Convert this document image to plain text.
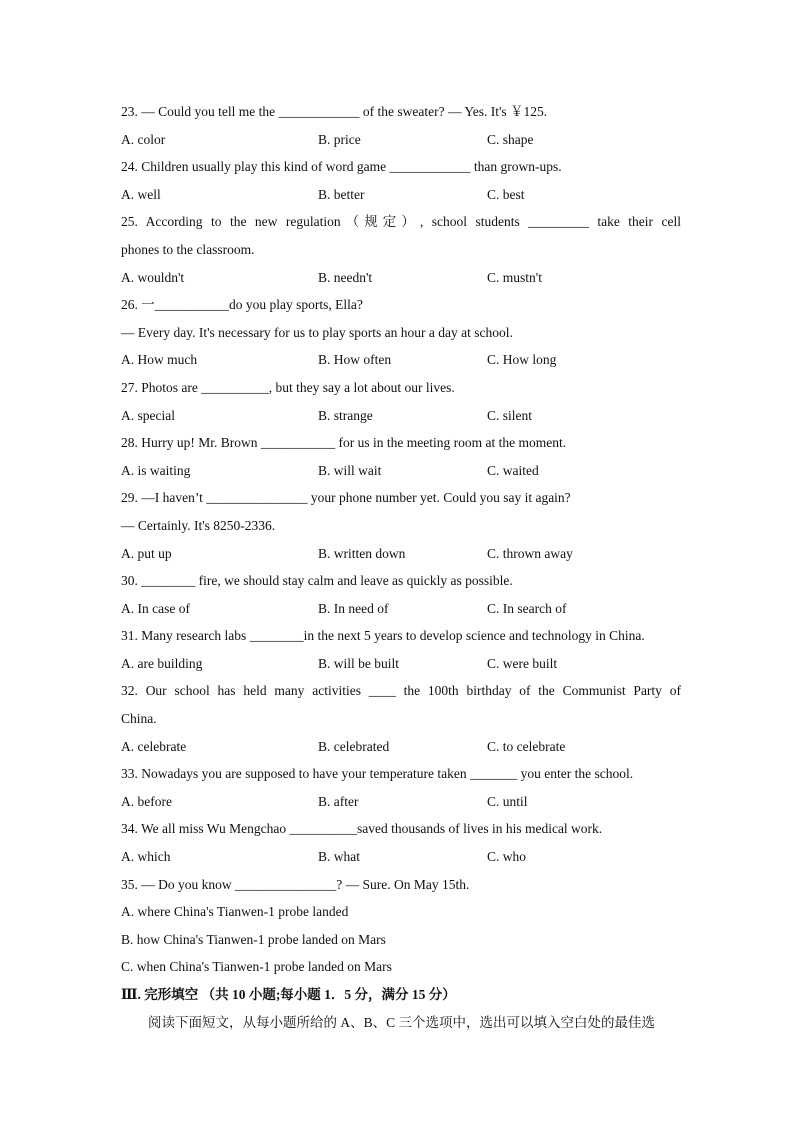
23. — Could you tell me the ____________ of the sweater? — Yes. It's ￥125.
A. color	B. price	C. shape
24. Children usually play this kind of word game ____________ than grown-ups.
A. well	B. better	C. best
25. According to the new regulation（规定）, school students _________ take their cell
phones to the classroom.
A. wouldn't	B. needn't	C. mustn't
26. 一___________do you play sports, Ella?
— Every day. It's necessary for us to play sports an hour a day at school.
A. How much	B. How often	C. How long
27. Photos are __________, but they say a lot about our lives.
A. special	B. strange	C. silent
28. Hurry up! Mr. Brown ___________ for us in the meeting room at the moment.
A. is waiting	B. will wait	C. waited
29. —I haven’t _______________ your phone number yet. Could you say it again?
— Certainly. It's 8250-2336.
A. put up	B. written down	C. thrown away
30. ________ fire, we should stay calm and leave as quickly as possible.
A. In case of	B. In need of	C. In search of
31. Many research labs ________in the next 5 years to develop science and technology in China.
A. are building	B. will be built	C. were built
32. Our school has held many activities ____ the 100th birthday of the Communist Party of
China.
A. celebrate	B. celebrated	C. to celebrate
33. Nowadays you are supposed to have your temperature taken _______ you enter the school.
A. before	B. after	C. until
34. We all miss Wu Mengchao __________saved thousands of lives in his medical work.
A. which	B. what	C. who
35. — Do you know _______________? — Sure. On May 15th.
A. where China's Tianwen-1 probe landed
B. how China's Tianwen-1 probe landed on Mars
C. when China's Tianwen-1 probe landed on Mars
Ⅲ. 完形填空 （共 10 小题;每小题 1．5 分，满分 15 分）
阅读下面短文，从每小题所给的 A、B、C 三个选项中，选出可以填入空白处的最佳选
